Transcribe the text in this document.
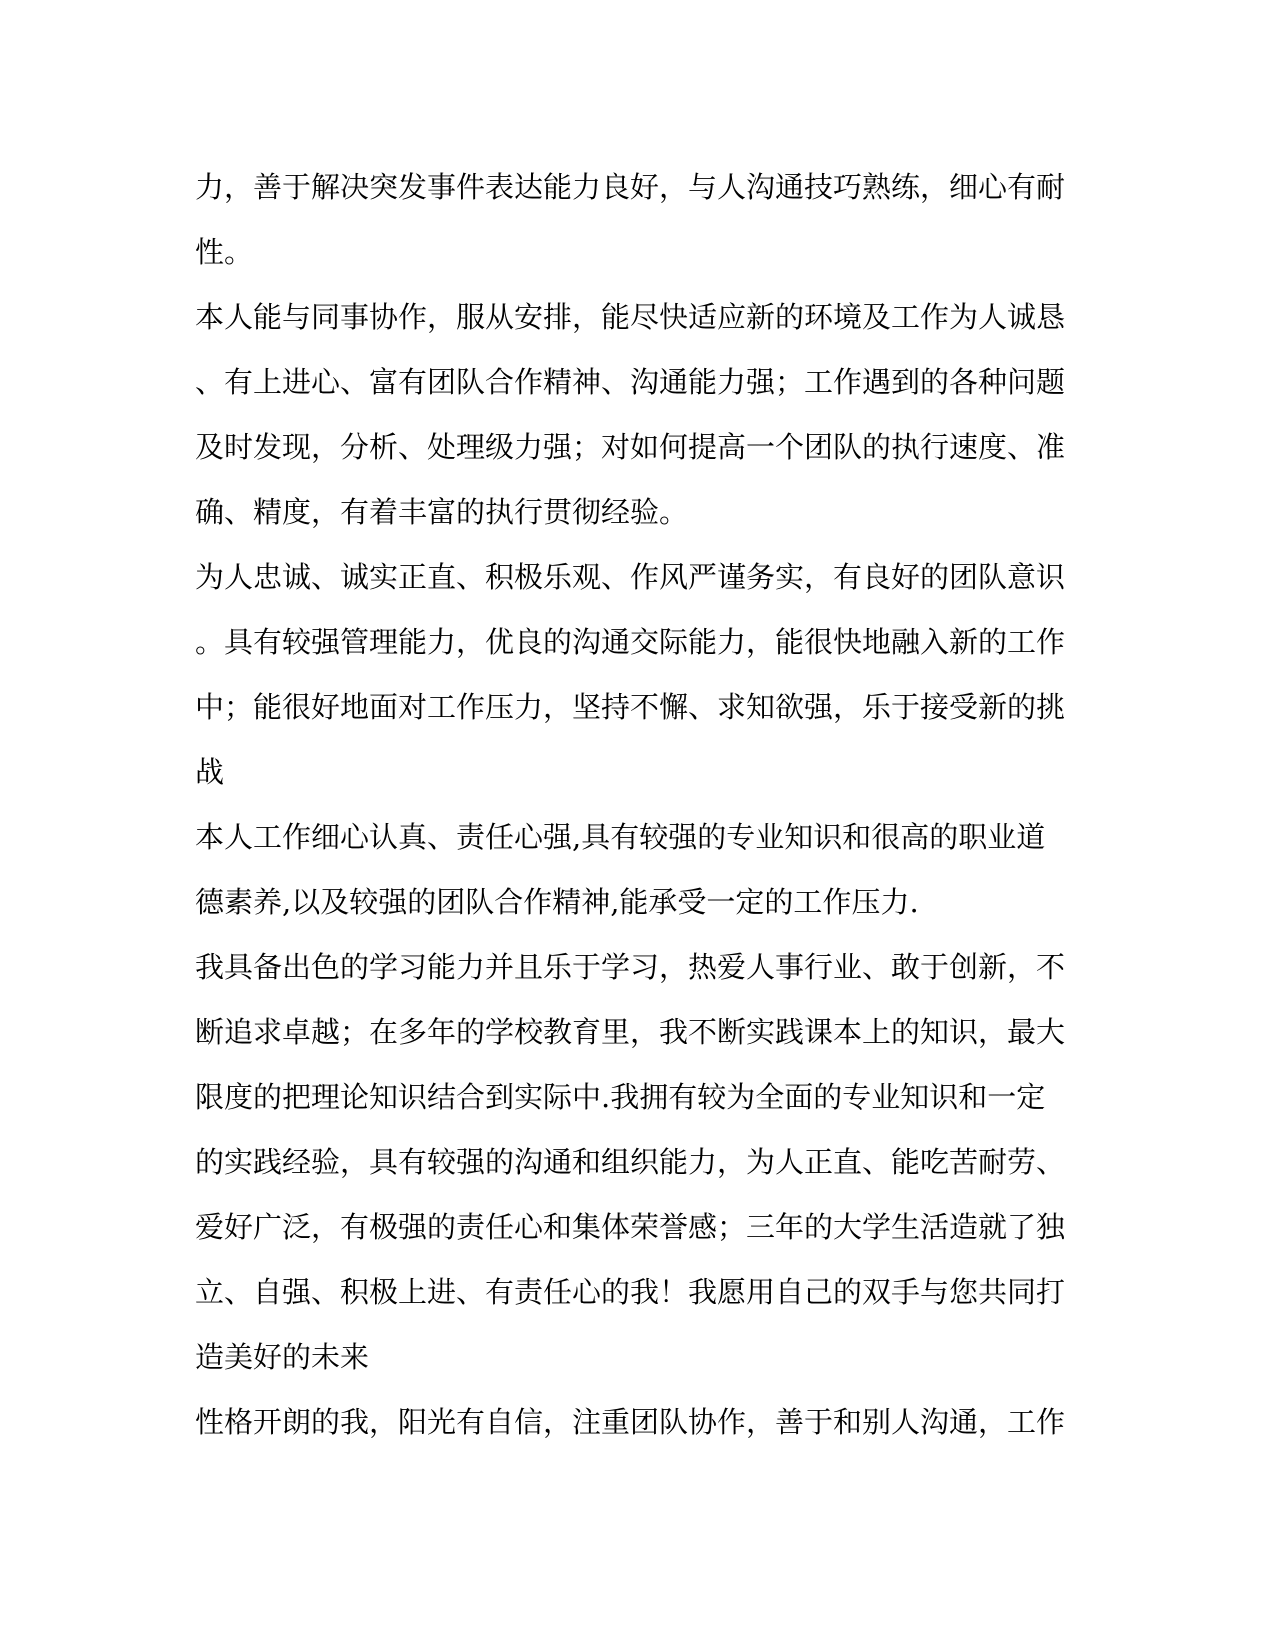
力，善于解决突发事件表达能力良好，与人沟通技巧熟练，细心有耐
性。
本人能与同事协作，服从安排，能尽快适应新的环境及工作为人诚恳
、有上进心、富有团队合作精神、沟通能力强；工作遇到的各种问题
及时发现，分析、处理级力强；对如何提高一个团队的执行速度、准
确、精度，有着丰富的执行贯彻经验。
为人忠诚、诚实正直、积极乐观、作风严谨务实，有良好的团队意识
。具有较强管理能力，优良的沟通交际能力，能很快地融入新的工作
中；能很好地面对工作压力，坚持不懈、求知欲强，乐于接受新的挑
战
本人工作细心认真、责任心强,具有较强的专业知识和很高的职业道
德素养,以及较强的团队合作精神,能承受一定的工作压力.
我具备出色的学习能力并且乐于学习，热爱人事行业、敢于创新，不
断追求卓越；在多年的学校教育里，我不断实践课本上的知识，最大
限度的把理论知识结合到实际中.我拥有较为全面的专业知识和一定
的实践经验，具有较强的沟通和组织能力，为人正直、能吃苦耐劳、
爱好广泛，有极强的责任心和集体荣誉感；三年的大学生活造就了独
立、自强、积极上进、有责任心的我！我愿用自己的双手与您共同打
造美好的未来
性格开朗的我，阳光有自信，注重团队协作，善于和别人沟通，工作
